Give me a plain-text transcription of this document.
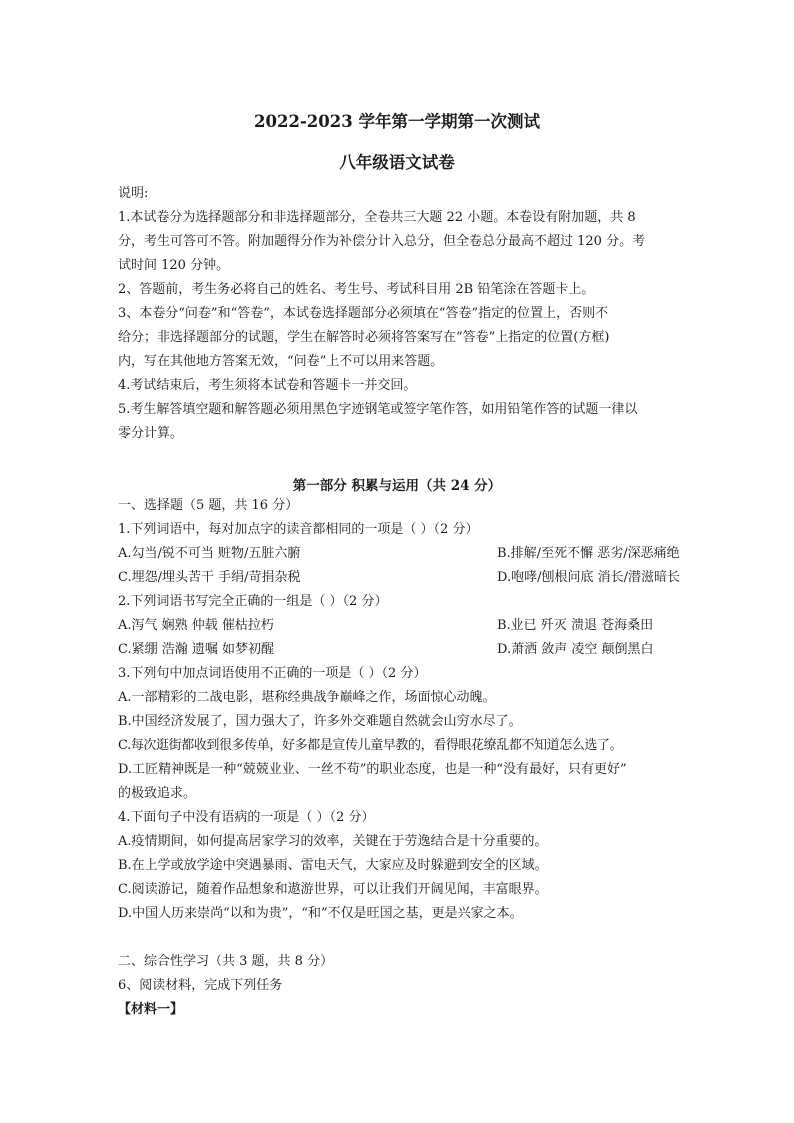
2022-2023 学年第一学期第一次测试
八年级语文试卷
说明:
1.本试卷分为选择题部分和非选择题部分，全卷共三大题 22 小题。本卷设有附加题，共 8
分，考生可答可不答。附加题得分作为补偿分计入总分，但全卷总分最高不超过 120 分。考
试时间 120 分钟。
2、答题前，考生务必将自己的姓名、考生号、考试科目用 2B 铅笔涂在答题卡上。
3、本卷分“问卷”和“答卷”，本试卷选择题部分必须填在“答卷”指定的位置上，否则不
给分；非选择题部分的试题，学生在解答时必须将答案写在“答卷”上指定的位置(方框)
内，写在其他地方答案无效，“问卷”上不可以用来答题。
4.考试结束后，考生须将本试卷和答题卡一并交回。
5.考生解答填空题和解答题必须用黑色字迹钢笔或签字笔作答，如用铅笔作答的试题一律以
零分计算。
第一部分 积累与运用（共 24 分）
一、选择题（5 题，共 16 分）
1.下列词语中，每对加点字的读音都相同的一项是（ ）（2 分）
A.勾当/锐不可当 赃物/五脏六腑	B.排解/至死不懈 恶劣/深恶痛绝
C.埋怨/埋头苦干 手绢/苛捐杂税	D.咆哮/刨根问底 消长/潜滋暗长
2.下列词语书写完全正确的一组是（ ）（2 分）
A.泻气 娴熟 仲载 催枯拉朽	B.业已 歼灭 溃退 苍海桑田
C.紧绷 浩瀚 遗嘱 如梦初醒	D.萧洒 敛声 凌空 颠倒黑白
3.下列句中加点词语使用不正确的一项是（ ）（2 分）
A.一部精彩的二战电影，堪称经典战争巅峰之作，场面惊心动魄。
B.中国经济发展了，国力强大了，许多外交难题自然就会山穷水尽了。
C.每次逛街都收到很多传单，好多都是宣传儿童早教的，看得眼花缭乱都不知道怎么选了。
D.工匠精神既是一种“兢兢业业、一丝不苟”的职业态度，也是一种“没有最好，只有更好”
的极致追求。
4.下面句子中没有语病的一项是（ ）（2 分）
A.疫情期间，如何提高居家学习的效率，关键在于劳逸结合是十分重要的。
B.在上学或放学途中突遇暴雨、雷电天气，大家应及时躲避到安全的区域。
C.阅读游记，随着作品想象和遨游世界，可以让我们开阔见闻，丰富眼界。
D.中国人历来崇尚“以和为贵”，“和”不仅是旺国之基，更是兴家之本。
二、综合性学习（共 3 题，共 8 分）
6、阅读材料，完成下列任务
【材料一】
